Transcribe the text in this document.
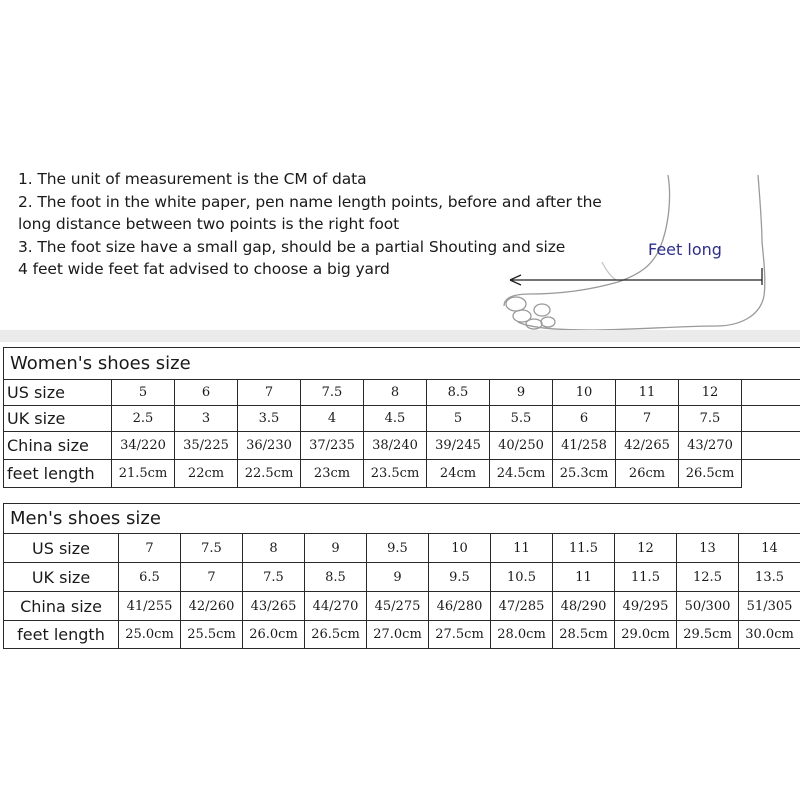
1. The unit of measurement is the CM of data
2. The foot in the white paper, pen name length points, before and after the
long distance between two points is the right foot
3. The foot size have a small gap, should be a partial Shouting and size
4 feet wide feet fat advised to choose a big yard
Feet long
Women's shoes size											
US size	5	6	7	7.5	8	8.5	9	10	11	12	
UK size	2.5	3	3.5	4	4.5	5	5.5	6	7	7.5	
China size	34/220	35/225	36/230	37/235	38/240	39/245	40/250	41/258	42/265	43/270	
feet length	21.5cm	22cm	22.5cm	23cm	23.5cm	24cm	24.5cm	25.3cm	26cm	26.5cm	
Men's shoes size											
US size	7	7.5	8	9	9.5	10	11	11.5	12	13	14
UK size	6.5	7	7.5	8.5	9	9.5	10.5	11	11.5	12.5	13.5
China size	41/255	42/260	43/265	44/270	45/275	46/280	47/285	48/290	49/295	50/300	51/305
feet length	25.0cm	25.5cm	26.0cm	26.5cm	27.0cm	27.5cm	28.0cm	28.5cm	29.0cm	29.5cm	30.0cm
